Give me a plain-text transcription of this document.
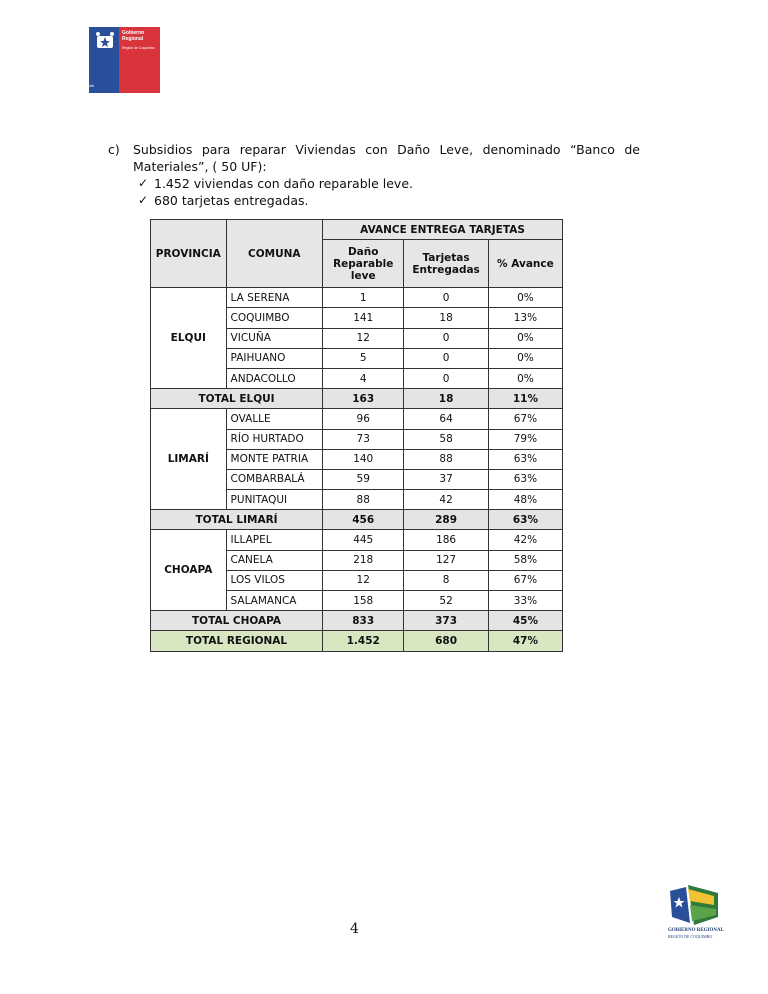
Gobierno de Chile
Gobierno
Regional
Región de Coquimbo
c)	Subsidios para reparar Viviendas con Daño Leve, denominado “Banco de Materiales”, ( 50 UF):
✓ 1.452 viviendas con daño reparable leve.
✓ 680 tarjetas entregadas.
PROVINCIA	COMUNA	AVANCE ENTREGA TARJETAS		
		Daño Reparable leve	Tarjetas Entregadas	% Avance
ELQUI	LA SERENA	1	0	0%
	COQUIMBO	141	18	13%
	VICUÑA	12	0	0%
	PAIHUANO	5	0	0%
	ANDACOLLO	4	0	0%
TOTAL ELQUI		163	18	11%
LIMARÍ	OVALLE	96	64	67%
	RÍO HURTADO	73	58	79%
	MONTE PATRIA	140	88	63%
	COMBARBALÁ	59	37	63%
	PUNITAQUI	88	42	48%
TOTAL LIMARÍ		456	289	63%
CHOAPA	ILLAPEL	445	186	42%
	CANELA	218	127	58%
	LOS VILOS	12	8	67%
	SALAMANCA	158	52	33%
TOTAL CHOAPA		833	373	45%
TOTAL REGIONAL		1.452	680	47%
4	GOBIERNO REGIONAL
REGIÓN DE COQUIMBO
